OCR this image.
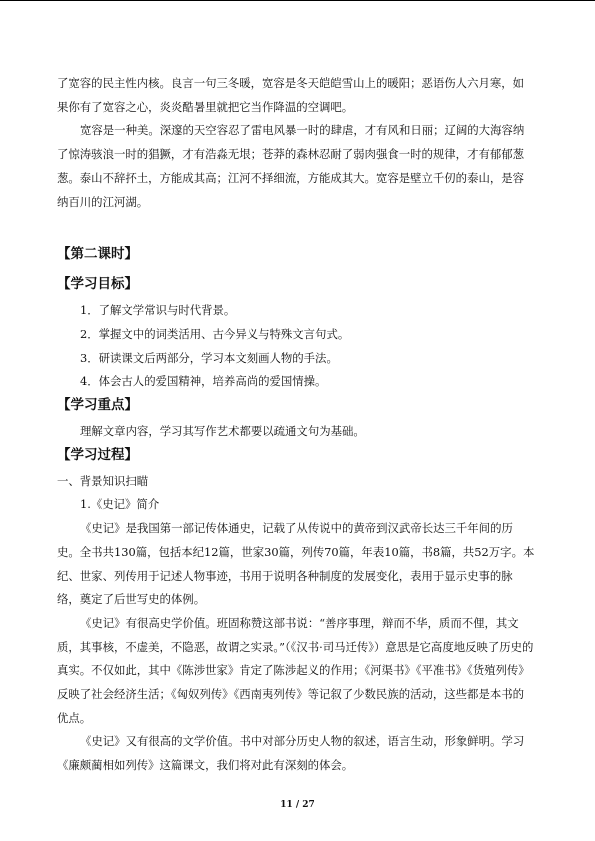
了宽容的民主性内核。良言一句三冬暖，宽容是冬天皑皑雪山上的暖阳；恶语伤人六月寒，如果你有了宽容之心，炎炎酷暑里就把它当作降温的空调吧。

宽容是一种美。深邃的天空容忍了雷电风暴一时的肆虐，才有风和日丽；辽阔的大海容纳了惊涛骇浪一时的猖獗，才有浩淼无垠；苍莽的森林忍耐了弱肉强食一时的规律，才有郁郁葱葱。泰山不辞抔土，方能成其高；江河不择细流，方能成其大。宽容是壁立千仞的泰山，是容纳百川的江河湖。

【第二课时】
【学习目标】

1．了解文学常识与时代背景。

2．掌握文中的词类活用、古今异义与特殊文言句式。

3．研读课文后两部分，学习本文刻画人物的手法。

4．体会古人的爱国精神，培养高尚的爱国情操。

【学习重点】

理解文章内容，学习其写作艺术都要以疏通文句为基础。

【学习过程】

一、背景知识扫瞄

1.《史记》简介

《史记》是我国第一部记传体通史，记载了从传说中的黄帝到汉武帝长达三千年间的历史。全书共130篇，包括本纪12篇，世家30篇，列传70篇，年表10篇，书8篇，共52万字。本纪、世家、列传用于记述人物事迹，书用于说明各种制度的发展变化，表用于显示史事的脉络，奠定了后世写史的体例。

《史记》有很高史学价值。班固称赞这部书说：“善序事理，辩而不华，质而不俚，其文质，其事核，不虚美，不隐恶，故谓之实录。”（《汉书·司马迁传》）意思是它高度地反映了历史的真实。不仅如此，其中《陈涉世家》肯定了陈涉起义的作用；《河渠书》《平准书》《货殖列传》反映了社会经济生活；《匈奴列传》《西南夷列传》等记叙了少数民族的活动，这些都是本书的优点。

《史记》又有很高的文学价值。书中对部分历史人物的叙述，语言生动，形象鲜明。学习《廉颇蔺相如列传》这篇课文，我们将对此有深刻的体会。

11 / 27
